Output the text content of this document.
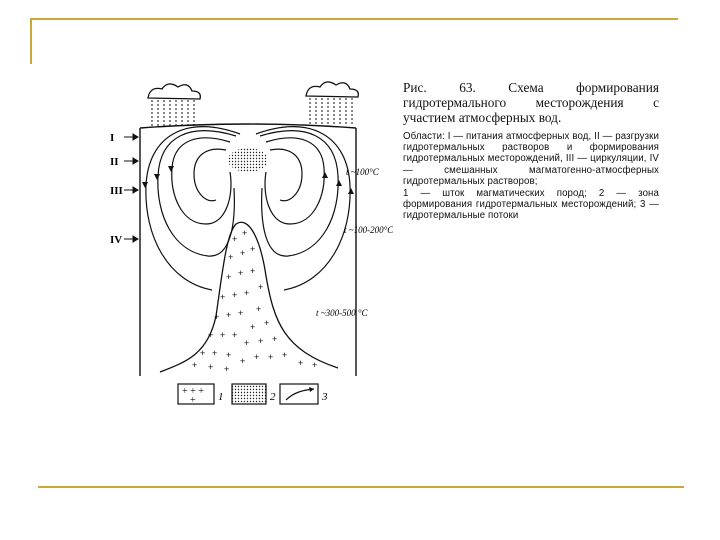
+
+
+ + +
+ + +
+
+ + +
+
+ + +
+ +
+ + +
+ + +
+ + +
+ + + +
+ + +
+ +
I
II
III
IV
t ~100°C
t ~100-200°C
t ~300-500 °C
+ + +
+ 1	2	3

Рис. 63. Схема формирования гидротермального месторождения с участием атмосферных вод.

Области: I — питания атмосферных вод, II — разгрузки гидротермальных растворов и формирования гидротермальных месторождений, III — циркуляции, IV — смешанных магматогенно-атмосферных гидротермальных растворов;

1 — шток магматических пород; 2 — зона формирования гидротермальных месторождений; 3 — гидротермальные потоки
